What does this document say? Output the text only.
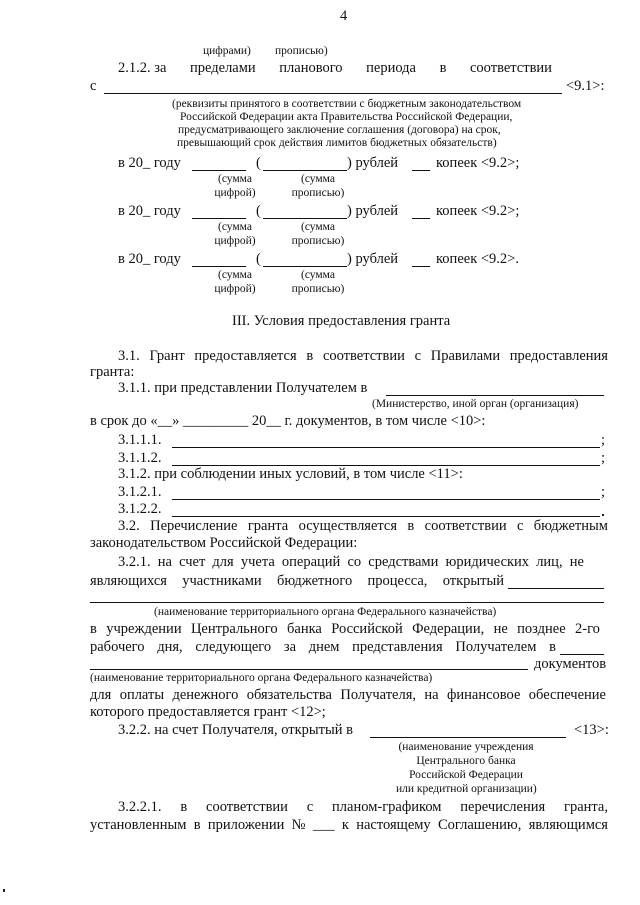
4
цифрами) прописью)
2.1.2. за пределами планового периода в соответствии
с	<9.1>:
(реквизиты принятого в соответствии с бюджетным законодательством
Российской Федерации акта Правительства Российской Федерации,
предусматривающего заключение соглашения (договора) на срок,
превышающий срок действия лимитов бюджетных обязательств)
в 20_ году	(	) рублей	копеек <9.2>;
(сумма
цифрой)
(сумма
прописью)
в 20_ году	(	) рублей	копеек <9.2>;
(сумма
цифрой)
(сумма
прописью)
в 20_ году	(	) рублей	копеек <9.2>.
(сумма
цифрой)
(сумма
прописью)
III. Условия предоставления гранта
3.1. Грант предоставляется в соответствии с Правилами предоставления
гранта:
3.1.1. при представлении Получателем в
(Министерство, иной орган (организация)
в срок до «__» _________ 20__ г. документов, в том числе <10>:
3.1.1.1.	;
3.1.1.2.	;
3.1.2. при соблюдении иных условий, в том числе <11>:
3.1.2.1.	;
3.1.2.2.
3.2. Перечисление гранта осуществляется в соответствии с бюджетным
законодательством Российской Федерации:
3.2.1. на счет для учета операций со средствами юридических лиц, не
являющихся участниками бюджетного процесса, открытый
(наименование территориального органа Федерального казначейства)
в учреждении Центрального банка Российской Федерации, не позднее 2-го
рабочего дня, следующего за днем представления Получателем в
документов
(наименование территориального органа Федерального казначейства)
для оплаты денежного обязательства Получателя, на финансовое обеспечение
которого предоставляется грант <12>;
3.2.2. на счет Получателя, открытый в	<13>:
(наименование учреждения
Центрального банка
Российской Федерации
или кредитной организации)
3.2.2.1. в соответствии с планом-графиком перечисления гранта,
установленным в приложении № ___ к настоящему Соглашению, являющимся
